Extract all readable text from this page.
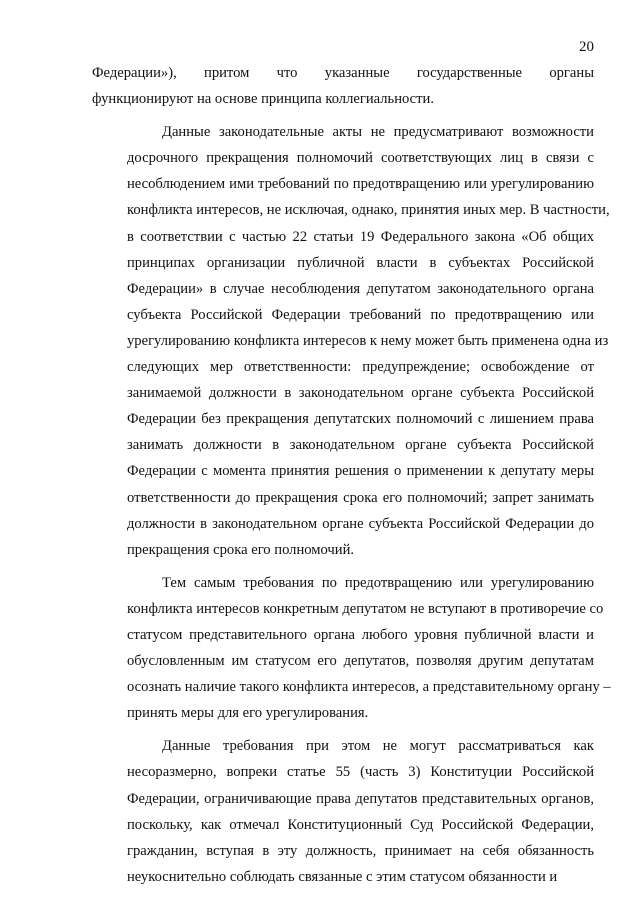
20
Федерации»), притом что указанные государственные органы
функционируют на основе принципа коллегиальности.
Данные законодательные акты не предусматривают возможности
досрочного прекращения полномочий соответствующих лиц в связи с
несоблюдением ими требований по предотвращению или урегулированию
конфликта интересов, не исключая, однако, принятия иных мер. В частности,
в соответствии с частью 22 статьи 19 Федерального закона «Об общих
принципах организации публичной власти в субъектах Российской
Федерации» в случае несоблюдения депутатом законодательного органа
субъекта Российской Федерации требований по предотвращению или
урегулированию конфликта интересов к нему может быть применена одна из
следующих мер ответственности: предупреждение; освобождение от
занимаемой должности в законодательном органе субъекта Российской
Федерации без прекращения депутатских полномочий с лишением права
занимать должности в законодательном органе субъекта Российской
Федерации с момента принятия решения о применении к депутату меры
ответственности до прекращения срока его полномочий; запрет занимать
должности в законодательном органе субъекта Российской Федерации до
прекращения срока его полномочий.
Тем самым требования по предотвращению или урегулированию
конфликта интересов конкретным депутатом не вступают в противоречие со
статусом представительного органа любого уровня публичной власти и
обусловленным им статусом его депутатов, позволяя другим депутатам
осознать наличие такого конфликта интересов, а представительному органу –
принять меры для его урегулирования.
Данные требования при этом не могут рассматриваться как
несоразмерно, вопреки статье 55 (часть 3) Конституции Российской
Федерации, ограничивающие права депутатов представительных органов,
поскольку, как отмечал Конституционный Суд Российской Федерации,
гражданин, вступая в эту должность, принимает на себя обязанность
неукоснительно соблюдать связанные с этим статусом обязанности и
